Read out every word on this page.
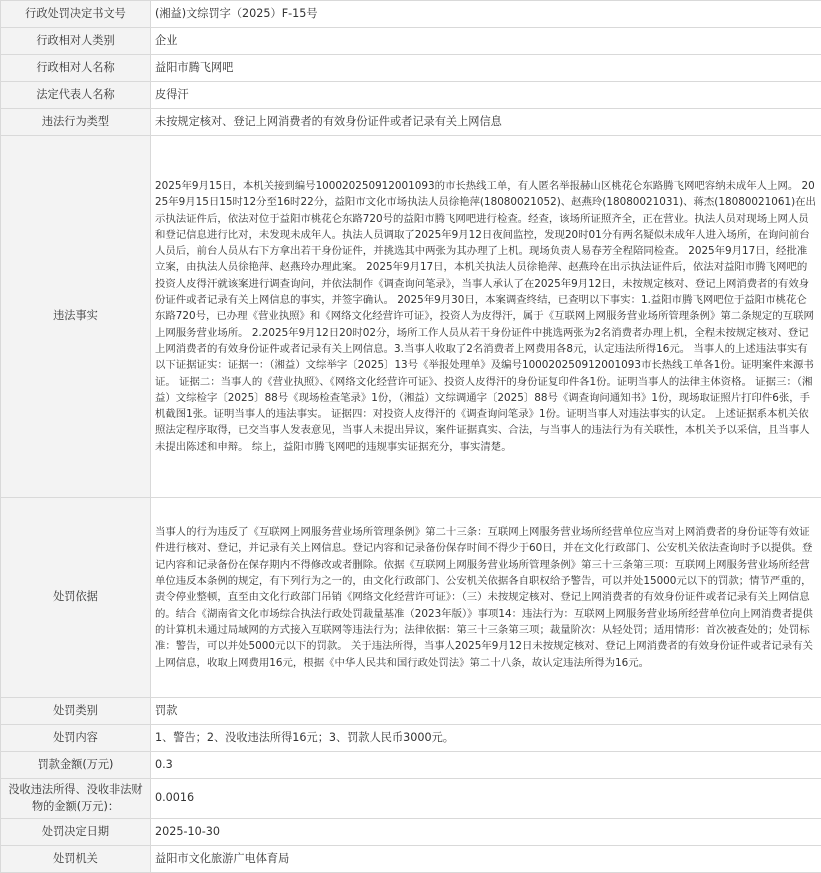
行政处罚决定书文号	(湘益)文综罚字（2025）F-15号
行政相对人类别	企业
行政相对人名称	益阳市腾飞网吧
法定代表人名称	皮得汗
违法行为类型	未按规定核对、登记上网消费者的有效身份证件或者记录有关上网信息
违法事实	2025年9月15日，本机关接到编号10002025091200109​3的市长热线工单，有人匿名举报赫山区桃花仑东路腾飞网吧容纳未成年人上网。 2025年9月15日15时12分至16时22分，益阳市文化市场执法人员徐艳萍(18080021052)、赵燕玲(18080021031)、蒋杰(18080021061)在出示执法证件后，依法对位于益阳市桃花仑东路720号的益阳市腾飞网吧进行检查。经查，该场所证照齐全，正在营业。执法人员对现场上网人员和登记信息进行比对，未发现未成年人。执法人员调取了2025年9月12日夜间监控，发现20时01分有两名疑似未成年人进入场所，在询问前台人员后，前台人员从右下方拿出若干身份证件，并挑选其中两张为其办理了上机。现场负责人易春芳全程陪同检查。 2025年9月17日，经批准立案，由执法人员徐艳萍、赵燕玲办理此案。 2025年9月17日，本机关执法人员徐艳萍、赵燕玲在出示执法证件后，依法对益阳市腾飞网吧的投资人皮得汗就该案进行调查询问，并依法制作《调查询问笔录》，当事人承认了在2025年9月12日，未按规定核对、登记上网消费者的有效身份证件或者记录有关上网信息的事实，并签字确认。 2025年9月30日，本案调查终结，已查明以下事实：1.益阳市腾飞网吧位于益阳市桃花仑东路720号，已办理《营业执照》和《网络文化经营许可证》，投资人为皮得汗，属于《互联网上网服务营业场所管理条例》第二条规定的互联网上网服务营业场所。 2.2025年9月12日20时02分，场所工作人员从若干身份证件中挑选两张为2名消费者办理上机，全程未按规定核对、登记上网消费者的有效身份证件或者记录有关上网信息。3.当事人收取了2名消费者上网费用各8元，认定违法所得16元。 当事人的上述违法事实有以下证据证实：证据一：（湘益）文综举字〔2025〕13号《举报处理单》及编号10002025091200109​3市长热线工单各1份。证明案件来源书证。 证据二：当事人的《营业执照》、《网络文化经营许可证》、投资人皮得汗的身份证复印件各1份。证明当事人的法律主体资格。 证据三：（湘益）文综检字〔2025〕88号《现场检查笔录》1份，（湘益）文综调通字〔2025〕88号《调查询问通知书》1份，现场取证照片打印件6张，手机截图1张。证明当事人的违法事实。 证据四：对投资人皮得汗的《调查询问笔录》1份。证明当事人对违法事实的认定。 上述证据系本机关依照法定程序取得，已交当事人发表意见，当事人未提出异议，案件证据真实、合法，与当事人的违法行为有关联性，本机关予以采信，且当事人未提出陈述和申辩。 综上，益阳市腾飞网吧的违规事实证据充分，事实清楚。

处罚依据	当事人的行为违反了《互联网上网服务营业场所管理条例》第二十三条：互联网上网服务营业场所经营单位应当对上网消费者的身份证等有效证件进行核对、登记，并记录有关上网信息。登记内容和记录备份保存时间不得少于60日，并在文化行政部门、公安机关依法查询时予以提供。登记内容和记录备份在保存期内不得修改或者删除。依据《互联网上网服务营业场所管理条例》第三十三条第三项：互联网上网服务营业场所经营单位违反本条例的规定，有下列行为之一的，由文化行政部门、公安机关依据各自职权给予警告，可以并处15000元以下的罚款；情节严重的，责令停业整顿，直至由文化行政部门吊销《网络文化经营许可证》：（三）未按规定核对、登记上网消费者的有效身份证件或者记录有关上网信息的。结合《湖南省文化市场综合执法行政处罚裁量基准（2023年版）》事项14：违法行为：互联网上网服务营业场所经营单位向上网消费者提供的计算机未通过局域网的方式接入互联网等违法行为；法律依据：第三十三条第三项；裁量阶次：从轻处罚；适用情形：首次被查处的；处罚标准：警告，可以并处5000元以下的罚款。 关于违法所得，当事人2025年9月12日未按规定核对、登记上网消费者的有效身份证件或者记录有关上网信息，收取上网费用16元，根据《中华人民共和国行政处罚法》第二十八条，故认定违法所得为16元。

处罚类别	罚款
处罚内容	1、警告；2、没收违法所得16元；3、罚款人民币3000元。
罚款金额(万元)	0.3
没收违法所得、没收非法财物的金额(万元)：	0.0016
处罚决定日期	2025-10-30
处罚机关	益阳市文化旅游广电体育局
